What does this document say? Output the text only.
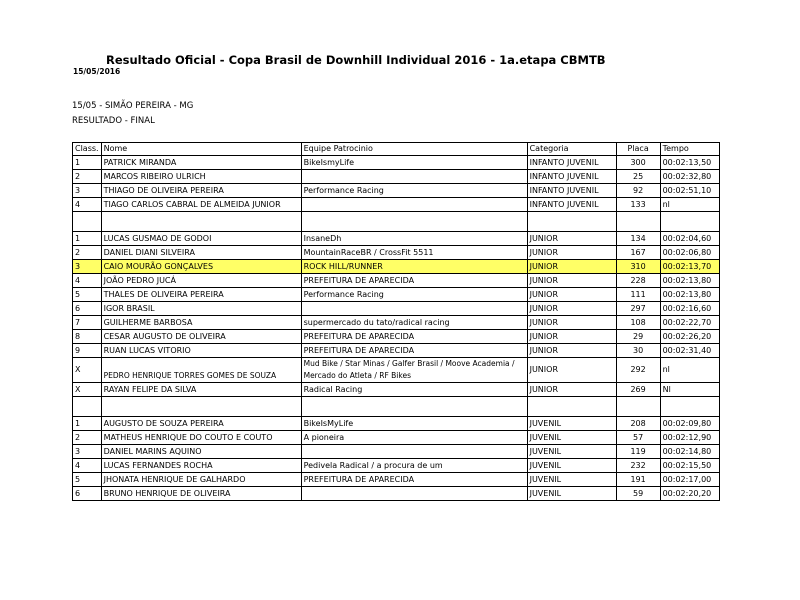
Resultado Oficial - Copa Brasil de Downhill Individual 2016 - 1a.etapa CBMTB
15/05/2016
15/05 - SIMÃO PEREIRA - MG
RESULTADO - FINAL
Class.	Nome	Equipe Patrocinio	Categoria	Placa	Tempo
1	PATRICK MIRANDA	BikeIsmyLife	INFANTO JUVENIL	300	00:02:13,50
2	MARCOS RIBEIRO ULRICH		INFANTO JUVENIL	25	00:02:32,80
3	THIAGO DE OLIVEIRA PEREIRA	Performance Racing	INFANTO JUVENIL	92	00:02:51,10
4	TIAGO CARLOS CABRAL DE ALMEIDA JUNIOR		INFANTO JUVENIL	133	nl

1	LUCAS GUSMAO DE GODOI	InsaneDh	JUNIOR	134	00:02:04,60
2	DANIEL DIANI SILVEIRA	MountainRaceBR / CrossFit 5511	JUNIOR	167	00:02:06,80
3	CAIO MOURÃO GONÇALVES	ROCK HILL/RUNNER	JUNIOR	310	00:02:13,70
4	JOÃO PEDRO JUCÁ	PREFEITURA DE APARECIDA	JUNIOR	228	00:02:13,80
5	THALES DE OLIVEIRA PEREIRA	Performance Racing	JUNIOR	111	00:02:13,80
6	IGOR BRASIL		JUNIOR	297	00:02:16,60
7	GUILHERME BARBOSA	supermercado du tato/radical racing	JUNIOR	108	00:02:22,70
8	CESAR AUGUSTO DE OLIVEIRA	PREFEITURA DE APARECIDA	JUNIOR	29	00:02:26,20
9	RUAN LUCAS VITORIO	PREFEITURA DE APARECIDA	JUNIOR	30	00:02:31,40
X	PEDRO HENRIQUE TORRES GOMES DE SOUZA	Mud Bike / Star Minas / Galfer Brasil / Moove Academia / Mercado do Atleta / RF Bikes	JUNIOR	292	nl
X	RAYAN FELIPE DA SILVA	Radical Racing	JUNIOR	269	Nl

1	AUGUSTO DE SOUZA PEREIRA	BikeIsMyLife	JUVENIL	208	00:02:09,80
2	MATHEUS HENRIQUE DO COUTO E COUTO	A pioneira	JUVENIL	57	00:02:12,90
3	DANIEL MARINS AQUINO		JUVENIL	119	00:02:14,80
4	LUCAS FERNANDES ROCHA	Pedivela Radical / a procura de um	JUVENIL	232	00:02:15,50
5	JHONATA HENRIQUE DE GALHARDO	PREFEITURA DE APARECIDA	JUVENIL	191	00:02:17,00
6	BRUNO HENRIQUE DE OLIVEIRA		JUVENIL	59	00:02:20,20
